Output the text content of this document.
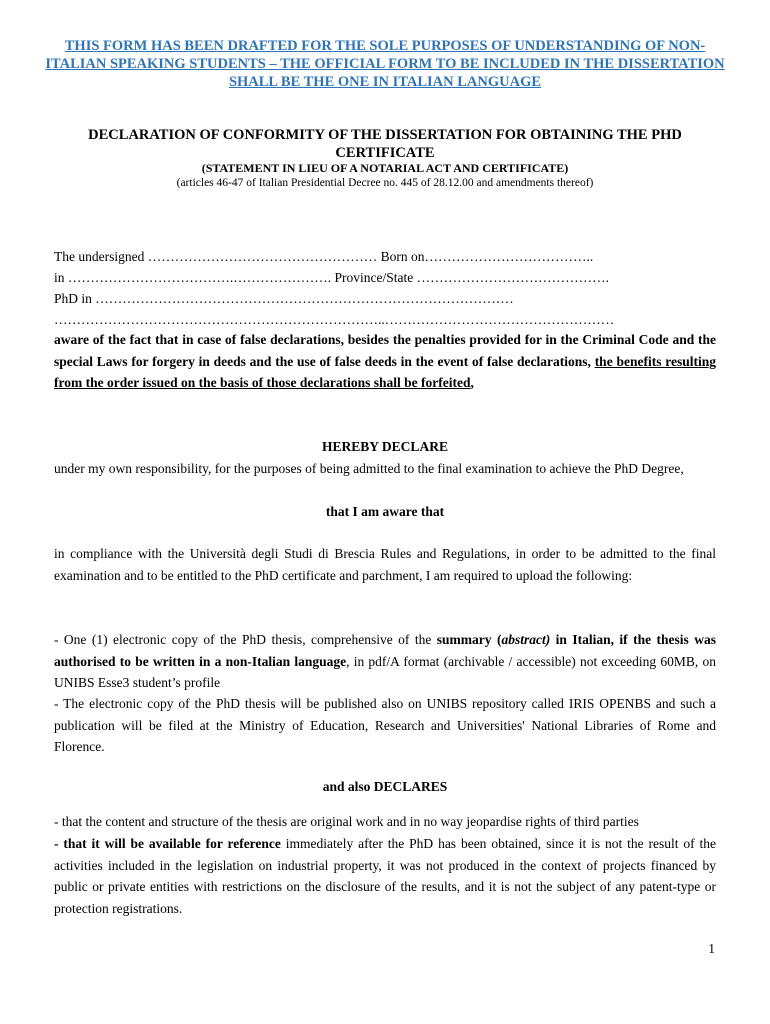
THIS FORM HAS BEEN DRAFTED FOR THE SOLE PURPOSES OF UNDERSTANDING OF NON-ITALIAN SPEAKING STUDENTS – THE OFFICIAL FORM TO BE INCLUDED IN THE DISSERTATION SHALL BE THE ONE IN ITALIAN LANGUAGE
DECLARATION OF CONFORMITY OF THE DISSERTATION FOR OBTAINING THE PHD CERTIFICATE
(STATEMENT IN LIEU OF A NOTARIAL ACT AND CERTIFICATE)
(articles 46-47 of Italian Presidential Decree no. 445 of 28.12.00 and amendments thereof)
The undersigned …………………………………………… Born on………………………………..
in ……………………………….…………………. Province/State …………………………………….
PhD in …………………………………………………………………………………
………………………………………………………………..……………………………………………
aware of the fact that in case of false declarations, besides the penalties provided for in the Criminal Code and the special Laws for forgery in deeds and the use of false deeds in the event of false declarations, the benefits resulting from the order issued on the basis of those declarations shall be forfeited,
HEREBY DECLARE
under my own responsibility, for the purposes of being admitted to the final examination to achieve the PhD Degree,
that I am aware that
in compliance with the Università degli Studi di Brescia Rules and Regulations, in order to be admitted to the final examination and to be entitled to the PhD certificate and parchment, I am required to upload the following:
- One (1) electronic copy of the PhD thesis, comprehensive of the summary (abstract) in Italian, if the thesis was authorised to be written in a non-Italian language, in pdf/A format (archivable / accessible) not exceeding 60MB, on UNIBS Esse3 student’s profile
- The electronic copy of the PhD thesis will be published also on UNIBS repository called IRIS OPENBS and such a publication will be filed at the Ministry of Education, Research and Universities' National Libraries of Rome and Florence.
and also DECLARES
- that the content and structure of the thesis are original work and in no way jeopardise rights of third parties
- that it will be available for reference immediately after the PhD has been obtained, since it is not the result of the activities included in the legislation on industrial property, it was not produced in the context of projects financed by public or private entities with restrictions on the disclosure of the results, and it is not the subject of any patent-type or protection registrations.
1
